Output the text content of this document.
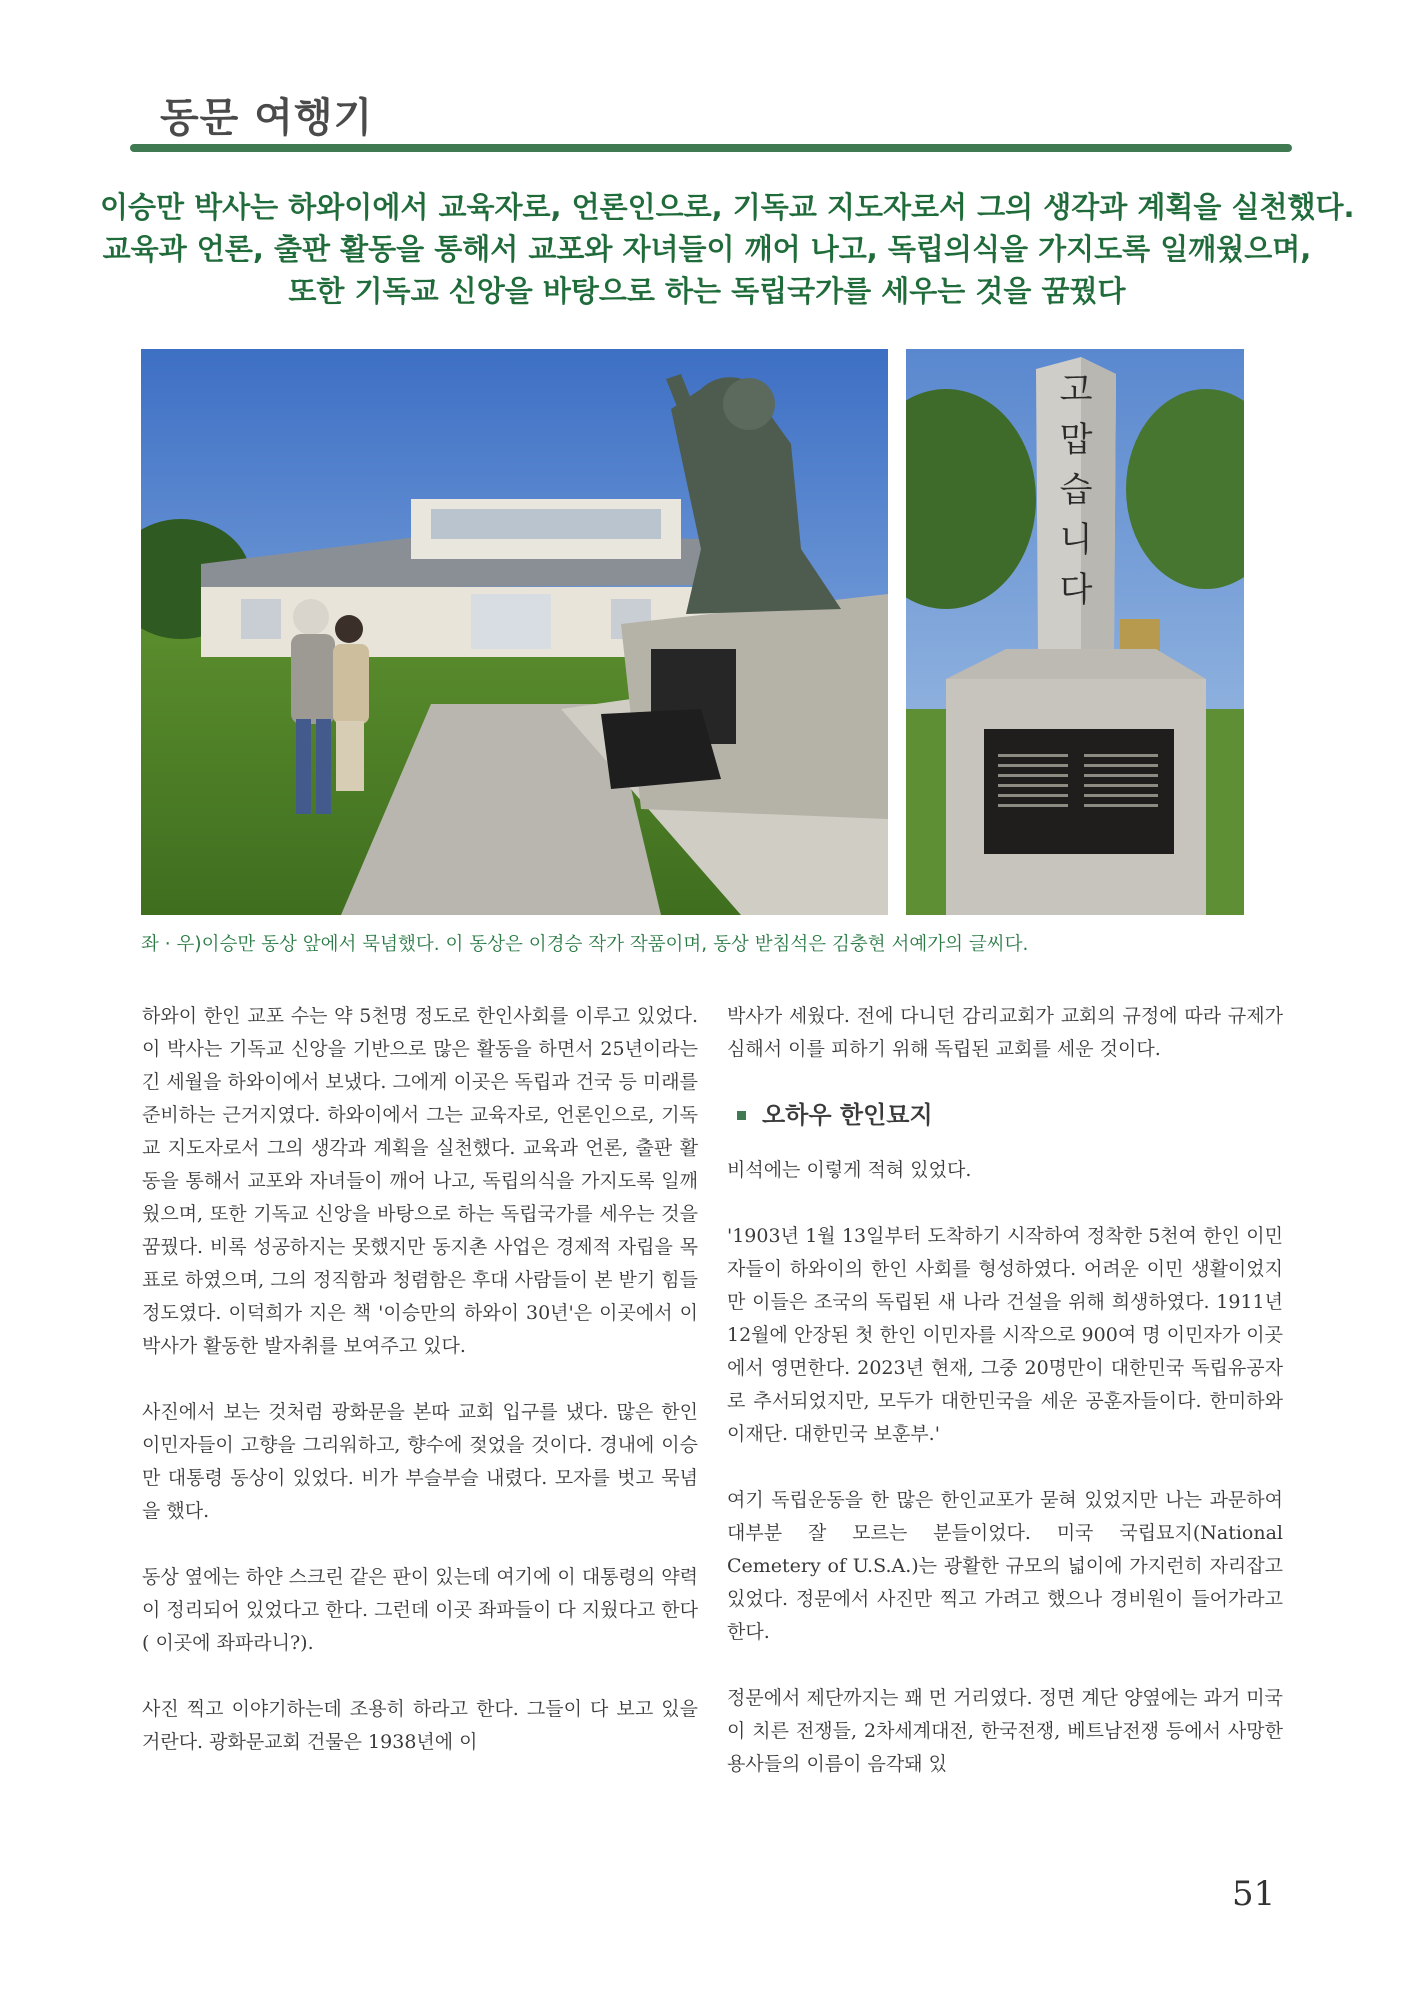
동문 여행기
이승만 박사는 하와이에서 교육자로, 언론인으로, 기독교 지도자로서 그의 생각과 계획을 실천했다.
교육과 언론, 출판 활동을 통해서 교포와 자녀들이 깨어 나고, 독립의식을 가지도록 일깨웠으며,
또한 기독교 신앙을 바탕으로 하는 독립국가를 세우는 것을 꿈꿨다
고
맙
습
니
다
좌 · 우)이승만 동상 앞에서 묵념했다. 이 동상은 이경승 작가 작품이며, 동상 받침석은 김충현 서예가의 글씨다.

하와이 한인 교포 수는 약 5천명 정도로 한인사회를 이루고 있었다. 이 박사는 기독교 신앙을 기반으로 많은 활동을 하면서 25년이라는 긴 세월을 하와이에서 보냈다. 그에게 이곳은 독립과 건국 등 미래를 준비하는 근거지였다. 하와이에서 그는 교육자로, 언론인으로, 기독교 지도자로서 그의 생각과 계획을 실천했다. 교육과 언론, 출판 활동을 통해서 교포와 자녀들이 깨어 나고, 독립의식을 가지도록 일깨웠으며, 또한 기독교 신앙을 바탕으로 하는 독립국가를 세우는 것을 꿈꿨다. 비록 성공하지는 못했지만 동지촌 사업은 경제적 자립을 목표로 하였으며, 그의 정직함과 청렴함은 후대 사람들이 본 받기 힘들 정도였다. 이덕희가 지은 책 '이승만의 하와이 30년'은 이곳에서 이 박사가 활동한 발자취를 보여주고 있다.

사진에서 보는 것처럼 광화문을 본따 교회 입구를 냈다. 많은 한인 이민자들이 고향을 그리워하고, 향수에 젖었을 것이다. 경내에 이승만 대통령 동상이 있었다. 비가 부슬부슬 내렸다. 모자를 벗고 묵념을 했다.

동상 옆에는 하얀 스크린 같은 판이 있는데 여기에 이 대통령의 약력이 정리되어 있었다고 한다. 그런데 이곳 좌파들이 다 지웠다고 한다( 이곳에 좌파라니?).

사진 찍고 이야기하는데 조용히 하라고 한다. 그들이 다 보고 있을 거란다. 광화문교회 건물은 1938년에 이

박사가 세웠다. 전에 다니던 감리교회가 교회의 규정에 따라 규제가 심해서 이를 피하기 위해 독립된 교회를 세운 것이다.

오하우 한인묘지

비석에는 이렇게 적혀 있었다.

'1903년 1월 13일부터 도착하기 시작하여 정착한 5천여 한인 이민자들이 하와이의 한인 사회를 형성하였다. 어려운 이민 생활이었지만 이들은 조국의 독립된 새 나라 건설을 위해 희생하였다. 1911년 12월에 안장된 첫 한인 이민자를 시작으로 900여 명 이민자가 이곳에서 영면한다. 2023년 현재, 그중 20명만이 대한민국 독립유공자로 추서되었지만, 모두가 대한민국을 세운 공훈자들이다. 한미하와이재단. 대한민국 보훈부.'

여기 독립운동을 한 많은 한인교포가 묻혀 있었지만 나는 과문하여 대부분 잘 모르는 분들이었다. 미국 국립묘지(National Cemetery of U.S.A.)는 광활한 규모의 넓이에 가지런히 자리잡고 있었다. 정문에서 사진만 찍고 가려고 했으나 경비원이 들어가라고 한다.

정문에서 제단까지는 꽤 먼 거리였다. 정면 계단 양옆에는 과거 미국이 치른 전쟁들, 2차세계대전, 한국전쟁, 베트남전쟁 등에서 사망한 용사들의 이름이 음각돼 있

51
